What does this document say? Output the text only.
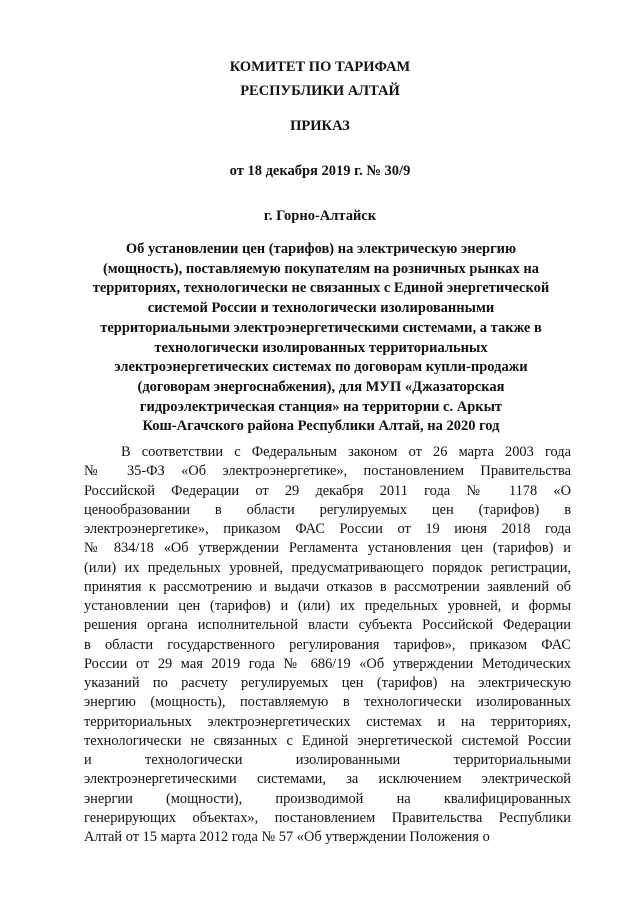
КОМИТЕТ ПО ТАРИФАМ
РЕСПУБЛИКИ АЛТАЙ
ПРИКАЗ
от 18 декабря 2019 г. № 30/9
г. Горно-Алтайск
Об установлении цен (тарифов) на электрическую энергию
(мощность), поставляемую покупателям на розничных рынках на
территориях, технологически не связанных с Единой энергетической
системой России и технологически изолированными
территориальными электроэнергетическими системами, а также в
технологически изолированных территориальных
электроэнергетических системах по договорам купли-продажи
(договорам энергоснабжения), для МУП «Джазаторская
гидроэлектрическая станция» на территории с. Аркыт
Кош-Агачского района Республики Алтай, на 2020 год
В соответствии с Федеральным законом от 26 марта 2003 года
№ 35-ФЗ «Об электроэнергетике», постановлением Правительства
Российской Федерации от 29 декабря 2011 года № 1178 «О
ценообразовании в области регулируемых цен (тарифов) в
электроэнергетике», приказом ФАС России от 19 июня 2018 года
№ 834/18 «Об утверждении Регламента установления цен (тарифов) и
(или) их предельных уровней, предусматривающего порядок регистрации,
принятия к рассмотрению и выдачи отказов в рассмотрении заявлений об
установлении цен (тарифов) и (или) их предельных уровней, и формы
решения органа исполнительной власти субъекта Российской Федерации
в области государственного регулирования тарифов», приказом ФАС
России от 29 мая 2019 года № 686/19 «Об утверждении Методических
указаний по расчету регулируемых цен (тарифов) на электрическую
энергию (мощность), поставляемую в технологически изолированных
территориальных электроэнергетических системах и на территориях,
технологически не связанных с Единой энергетической системой России
и технологически изолированными территориальными
электроэнергетическими системами, за исключением электрической
энергии (мощности), производимой на квалифицированных
генерирующих объектах», постановлением Правительства Республики
Алтай от 15 марта 2012 года № 57 «Об утверждении Положения о
